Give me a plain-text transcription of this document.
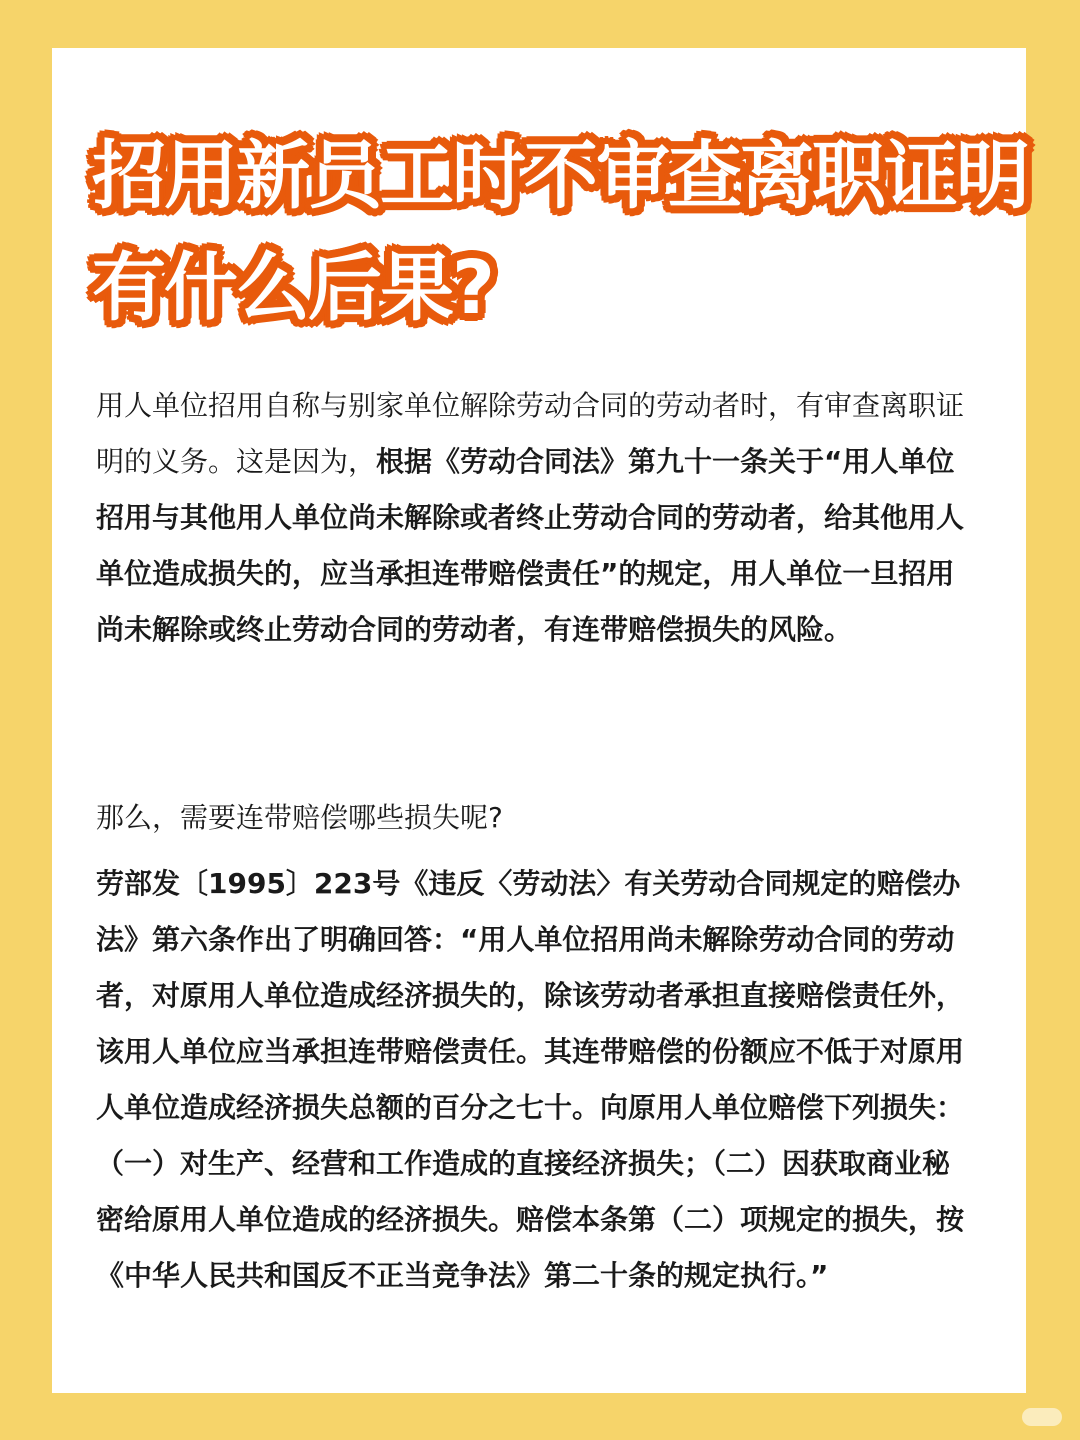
招用新员工时不审查离职证明
有什么后果?

用人单位招用自称与别家单位解除劳动合同的劳动者时，有审查离职证明的义务。这是因为，根据《劳动合同法》第九十一条关于“用人单位招用与其他用人单位尚未解除或者终止劳动合同的劳动者，给其他用人单位造成损失的，应当承担连带赔偿责任”的规定，用人单位一旦招用尚未解除或终止劳动合同的劳动者，有连带赔偿损失的风险。

那么，需要连带赔偿哪些损失呢?

劳部发〔1995〕223号《违反〈劳动法〉有关劳动合同规定的赔偿办法》第六条作出了明确回答：“用人单位招用尚未解除劳动合同的劳动者，对原用人单位造成经济损失的，除该劳动者承担直接赔偿责任外，该用人单位应当承担连带赔偿责任。其连带赔偿的份额应不低于对原用人单位造成经济损失总额的百分之七十。向原用人单位赔偿下列损失：（一）对生产、经营和工作造成的直接经济损失；（二）因获取商业秘密给原用人单位造成的经济损失。赔偿本条第（二）项规定的损失，按《中华人民共和国反不正当竞争法》第二十条的规定执行。”
